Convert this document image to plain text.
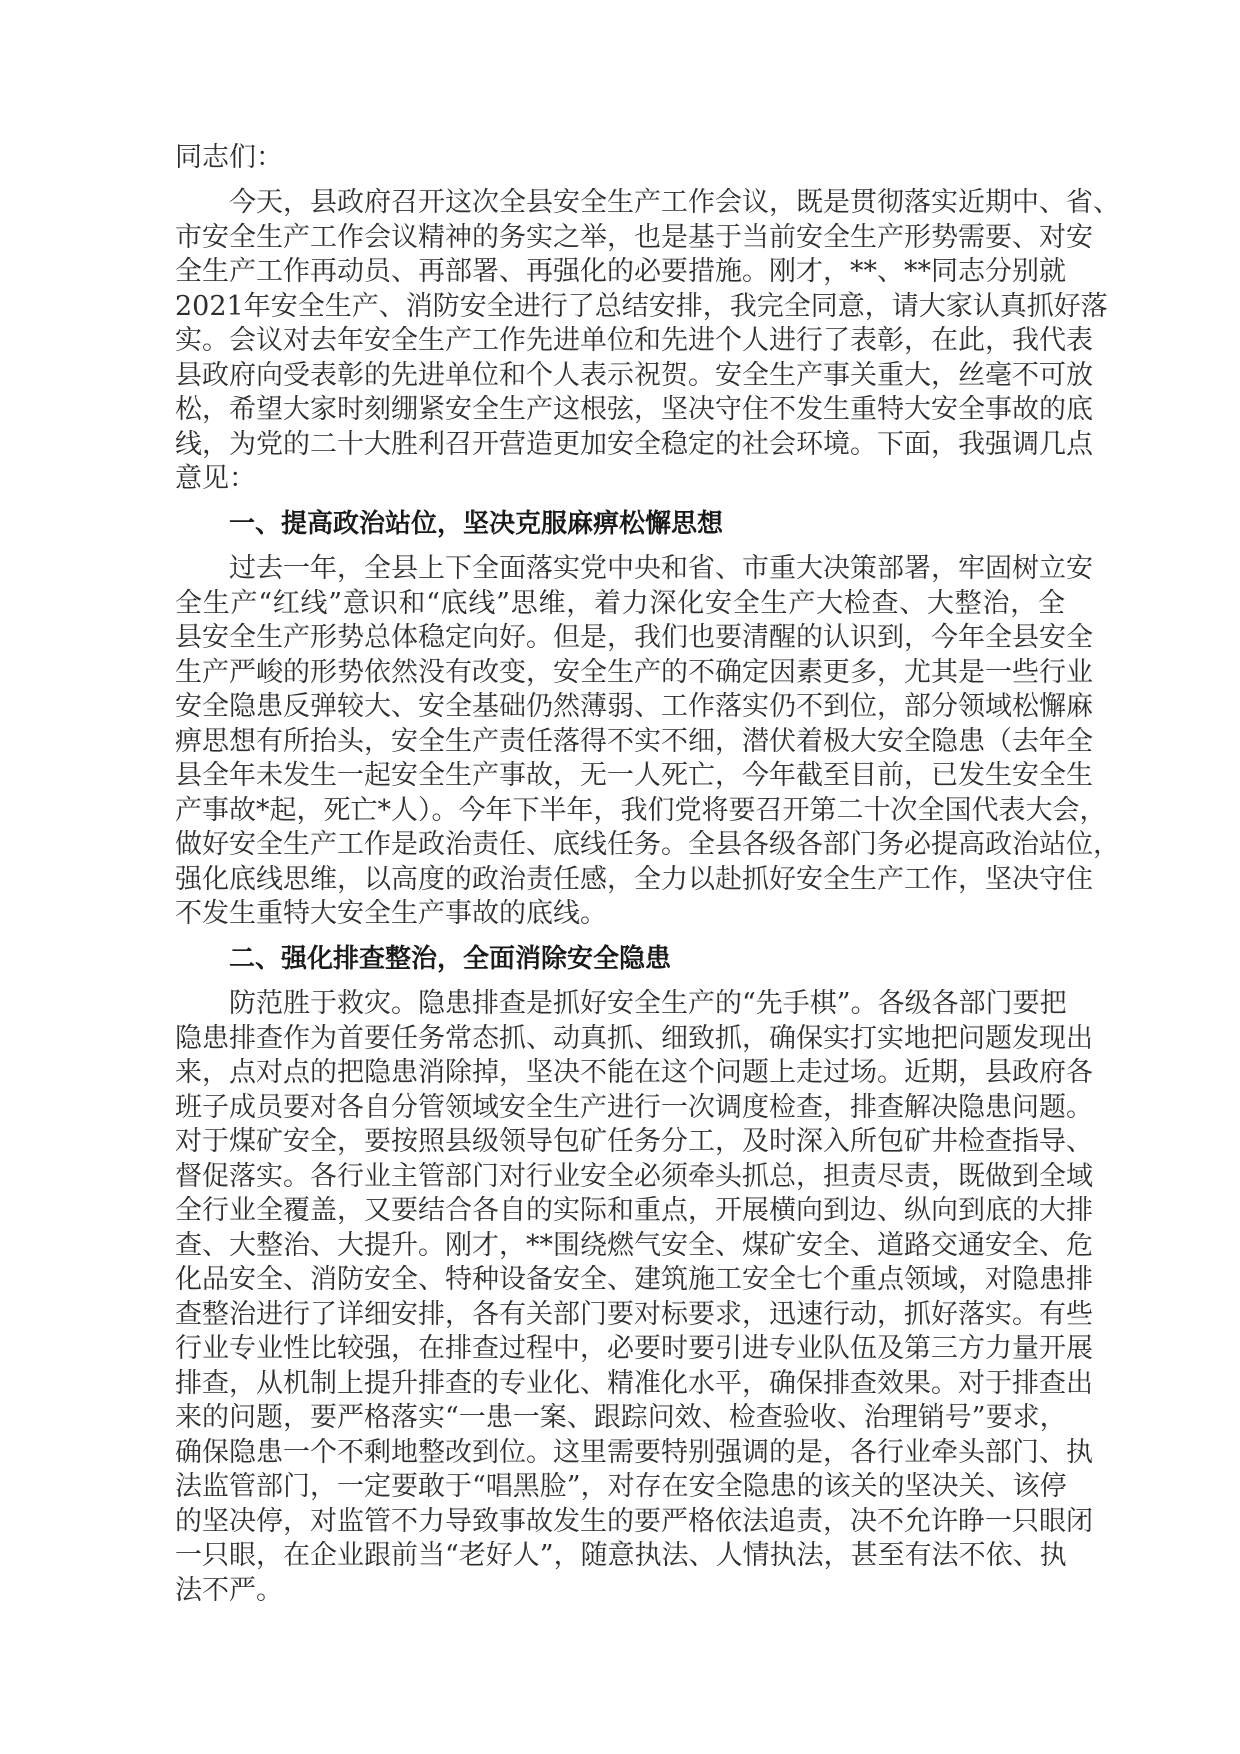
同志们：
今天，县政府召开这次全县安全生产工作会议，既是贯彻落实近期中、省、
市安全生产工作会议精神的务实之举，也是基于当前安全生产形势需要、对安
全生产工作再动员、再部署、再强化的必要措施。刚才，**、**同志分别就
2021年安全生产、消防安全进行了总结安排，我完全同意，请大家认真抓好落
实。会议对去年安全生产工作先进单位和先进个人进行了表彰，在此，我代表
县政府向受表彰的先进单位和个人表示祝贺。安全生产事关重大，丝毫不可放
松，希望大家时刻绷紧安全生产这根弦，坚决守住不发生重特大安全事故的底
线，为党的二十大胜利召开营造更加安全稳定的社会环境。下面，我强调几点
意见：
一、提高政治站位，坚决克服麻痹松懈思想
过去一年，全县上下全面落实党中央和省、市重大决策部署，牢固树立安
全生产“红线”意识和“底线”思维，着力深化安全生产大检查、大整治，全
县安全生产形势总体稳定向好。但是，我们也要清醒的认识到，今年全县安全
生产严峻的形势依然没有改变，安全生产的不确定因素更多，尤其是一些行业
安全隐患反弹较大、安全基础仍然薄弱、工作落实仍不到位，部分领域松懈麻
痹思想有所抬头，安全生产责任落得不实不细，潜伏着极大安全隐患（去年全
县全年未发生一起安全生产事故，无一人死亡，今年截至目前，已发生安全生
产事故*起，死亡*人）。今年下半年，我们党将要召开第二十次全国代表大会，
做好安全生产工作是政治责任、底线任务。全县各级各部门务必提高政治站位，
强化底线思维，以高度的政治责任感，全力以赴抓好安全生产工作，坚决守住
不发生重特大安全生产事故的底线。
二、强化排查整治，全面消除安全隐患
防范胜于救灾。隐患排查是抓好安全生产的“先手棋”。各级各部门要把
隐患排查作为首要任务常态抓、动真抓、细致抓，确保实打实地把问题发现出
来，点对点的把隐患消除掉，坚决不能在这个问题上走过场。近期，县政府各
班子成员要对各自分管领域安全生产进行一次调度检查，排查解决隐患问题。
对于煤矿安全，要按照县级领导包矿任务分工，及时深入所包矿井检查指导、
督促落实。各行业主管部门对行业安全必须牵头抓总，担责尽责，既做到全域
全行业全覆盖，又要结合各自的实际和重点，开展横向到边、纵向到底的大排
查、大整治、大提升。刚才，**围绕燃气安全、煤矿安全、道路交通安全、危
化品安全、消防安全、特种设备安全、建筑施工安全七个重点领域，对隐患排
查整治进行了详细安排，各有关部门要对标要求，迅速行动，抓好落实。有些
行业专业性比较强，在排查过程中，必要时要引进专业队伍及第三方力量开展
排查，从机制上提升排查的专业化、精准化水平，确保排查效果。对于排查出
来的问题，要严格落实“一患一案、跟踪问效、检查验收、治理销号”要求，
确保隐患一个不剩地整改到位。这里需要特别强调的是，各行业牵头部门、执
法监管部门，一定要敢于“唱黑脸”，对存在安全隐患的该关的坚决关、该停
的坚决停，对监管不力导致事故发生的要严格依法追责，决不允许睁一只眼闭
一只眼，在企业跟前当“老好人”，随意执法、人情执法，甚至有法不依、执
法不严。
